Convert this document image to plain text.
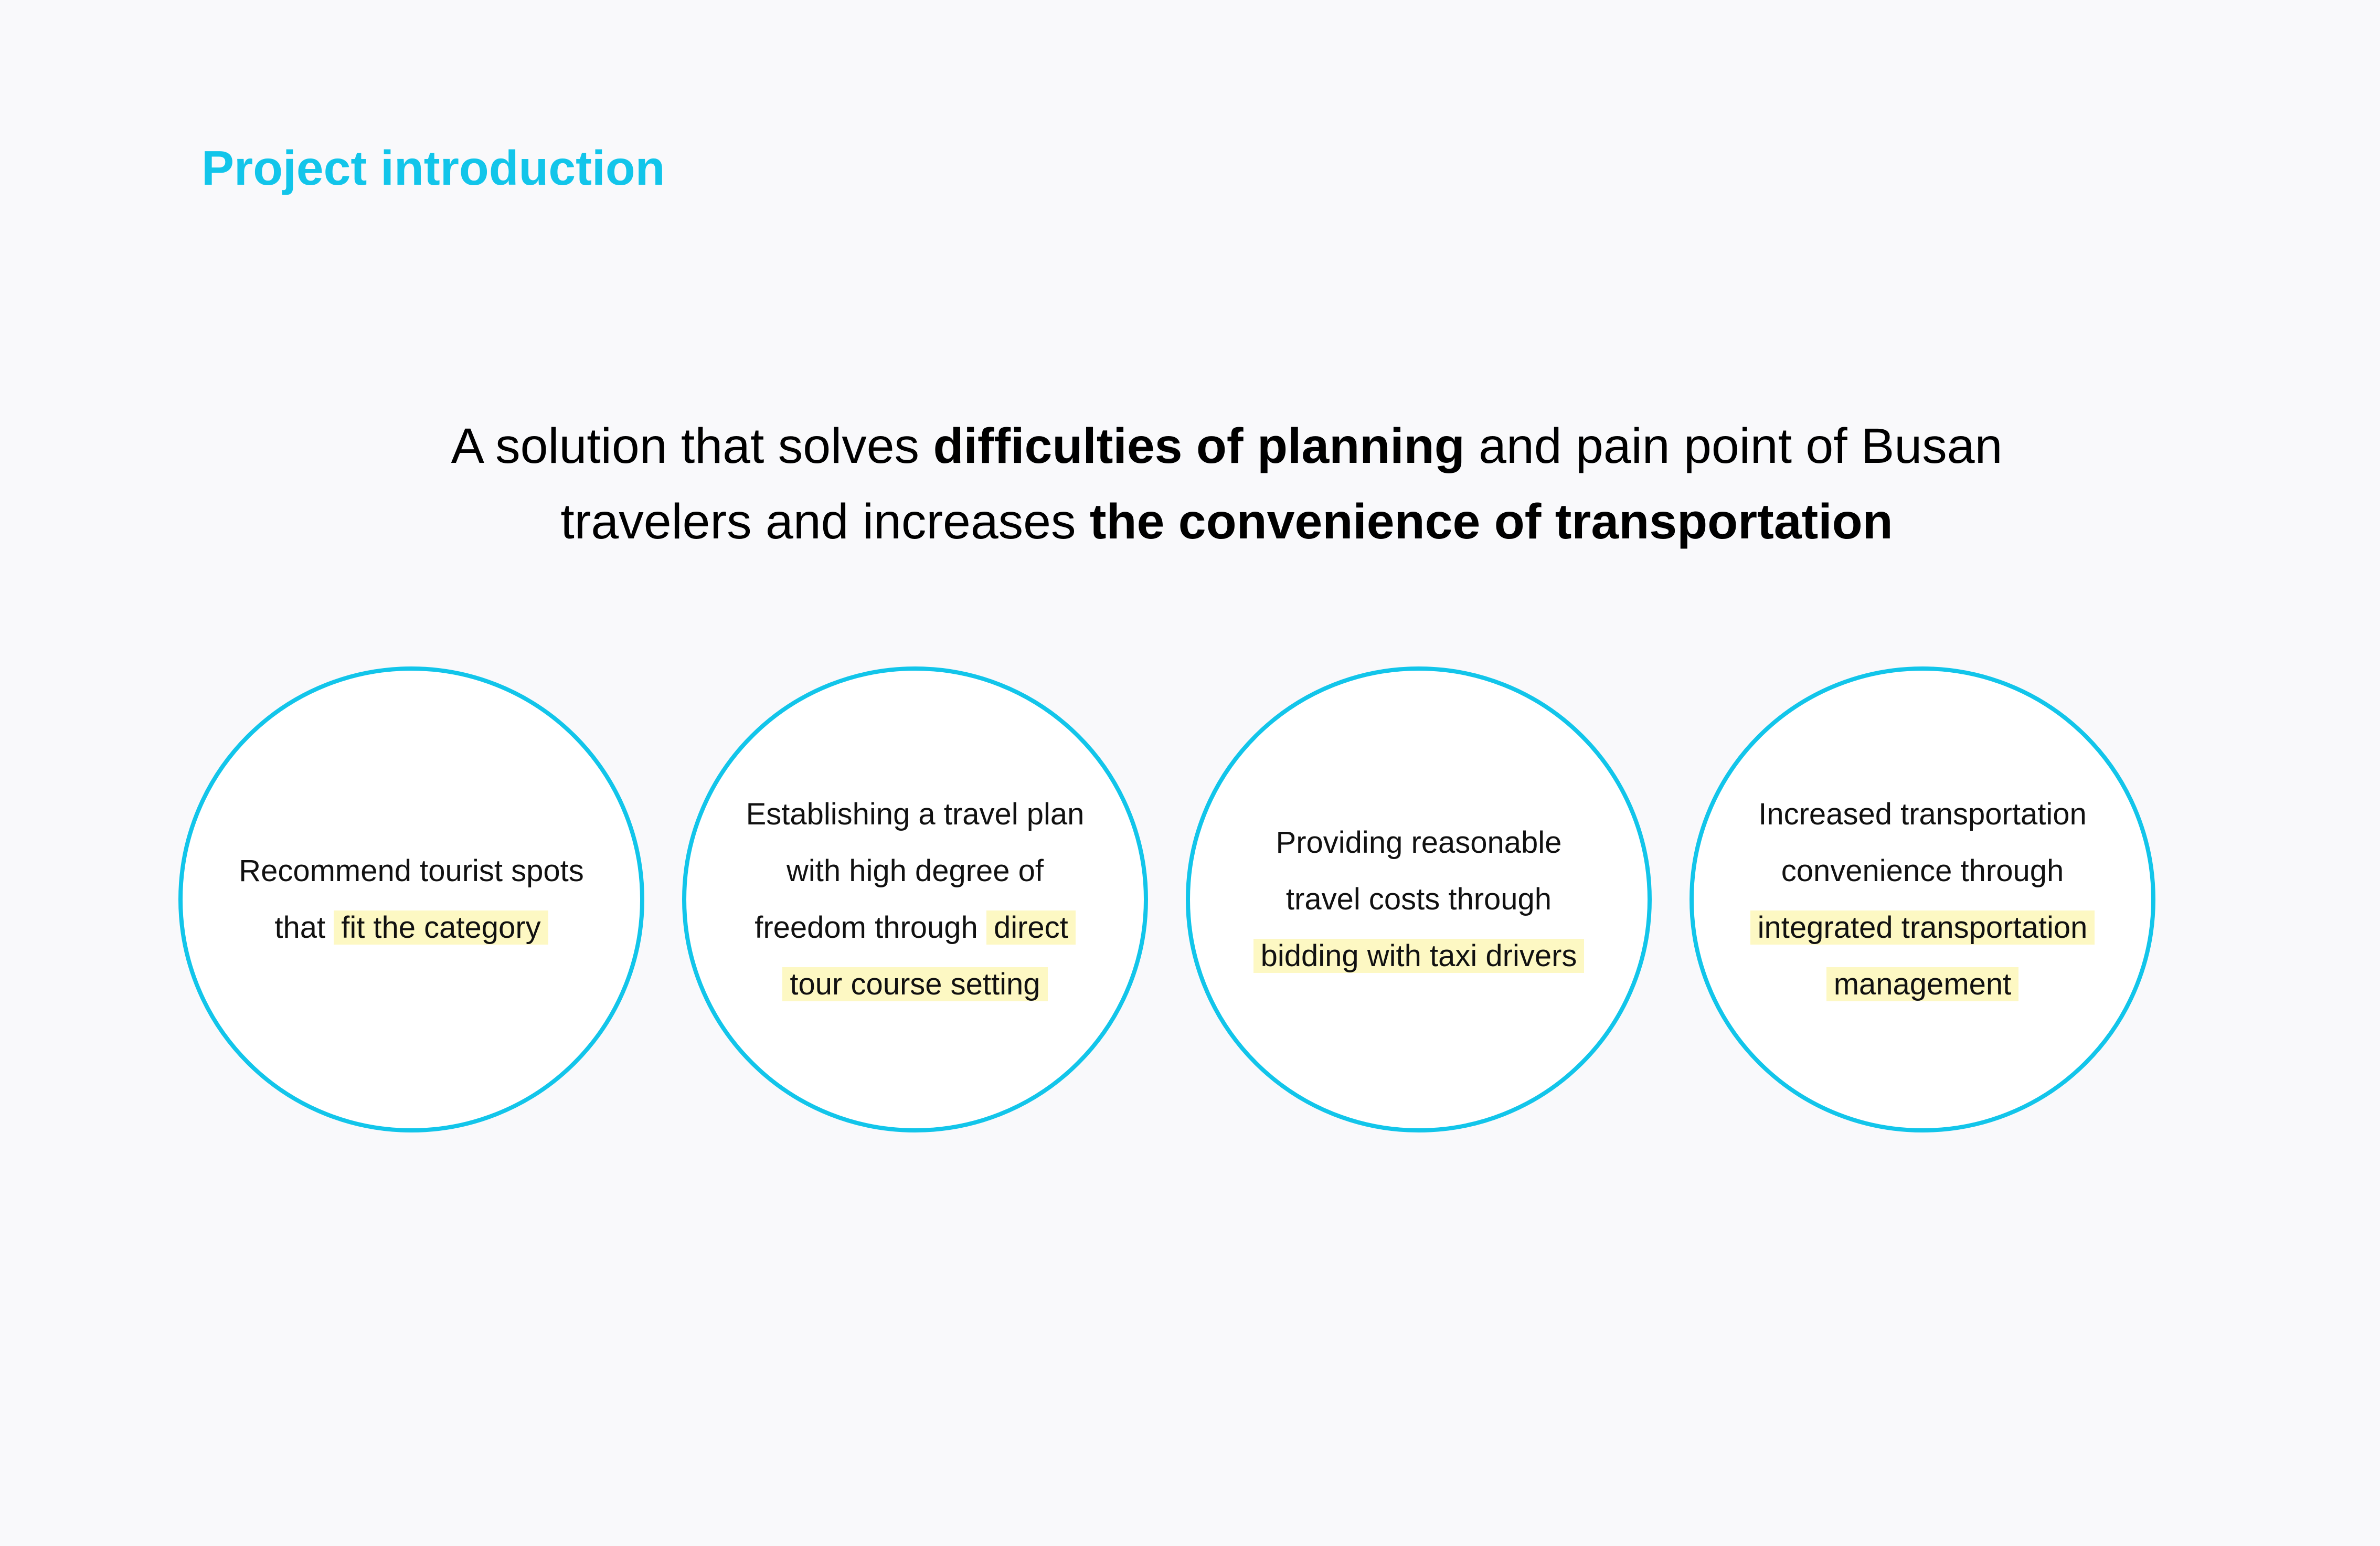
Project introduction

A solution that solves difficulties of planning and pain point of Busan
travelers and increases the convenience of transportation

Recommend tourist spots
that fit the category
Establishing a travel plan
with high degree of
freedom through direct
tour course setting
Providing reasonable
travel costs through
bidding with taxi drivers
Increased transportation
convenience through
integrated transportation
management
